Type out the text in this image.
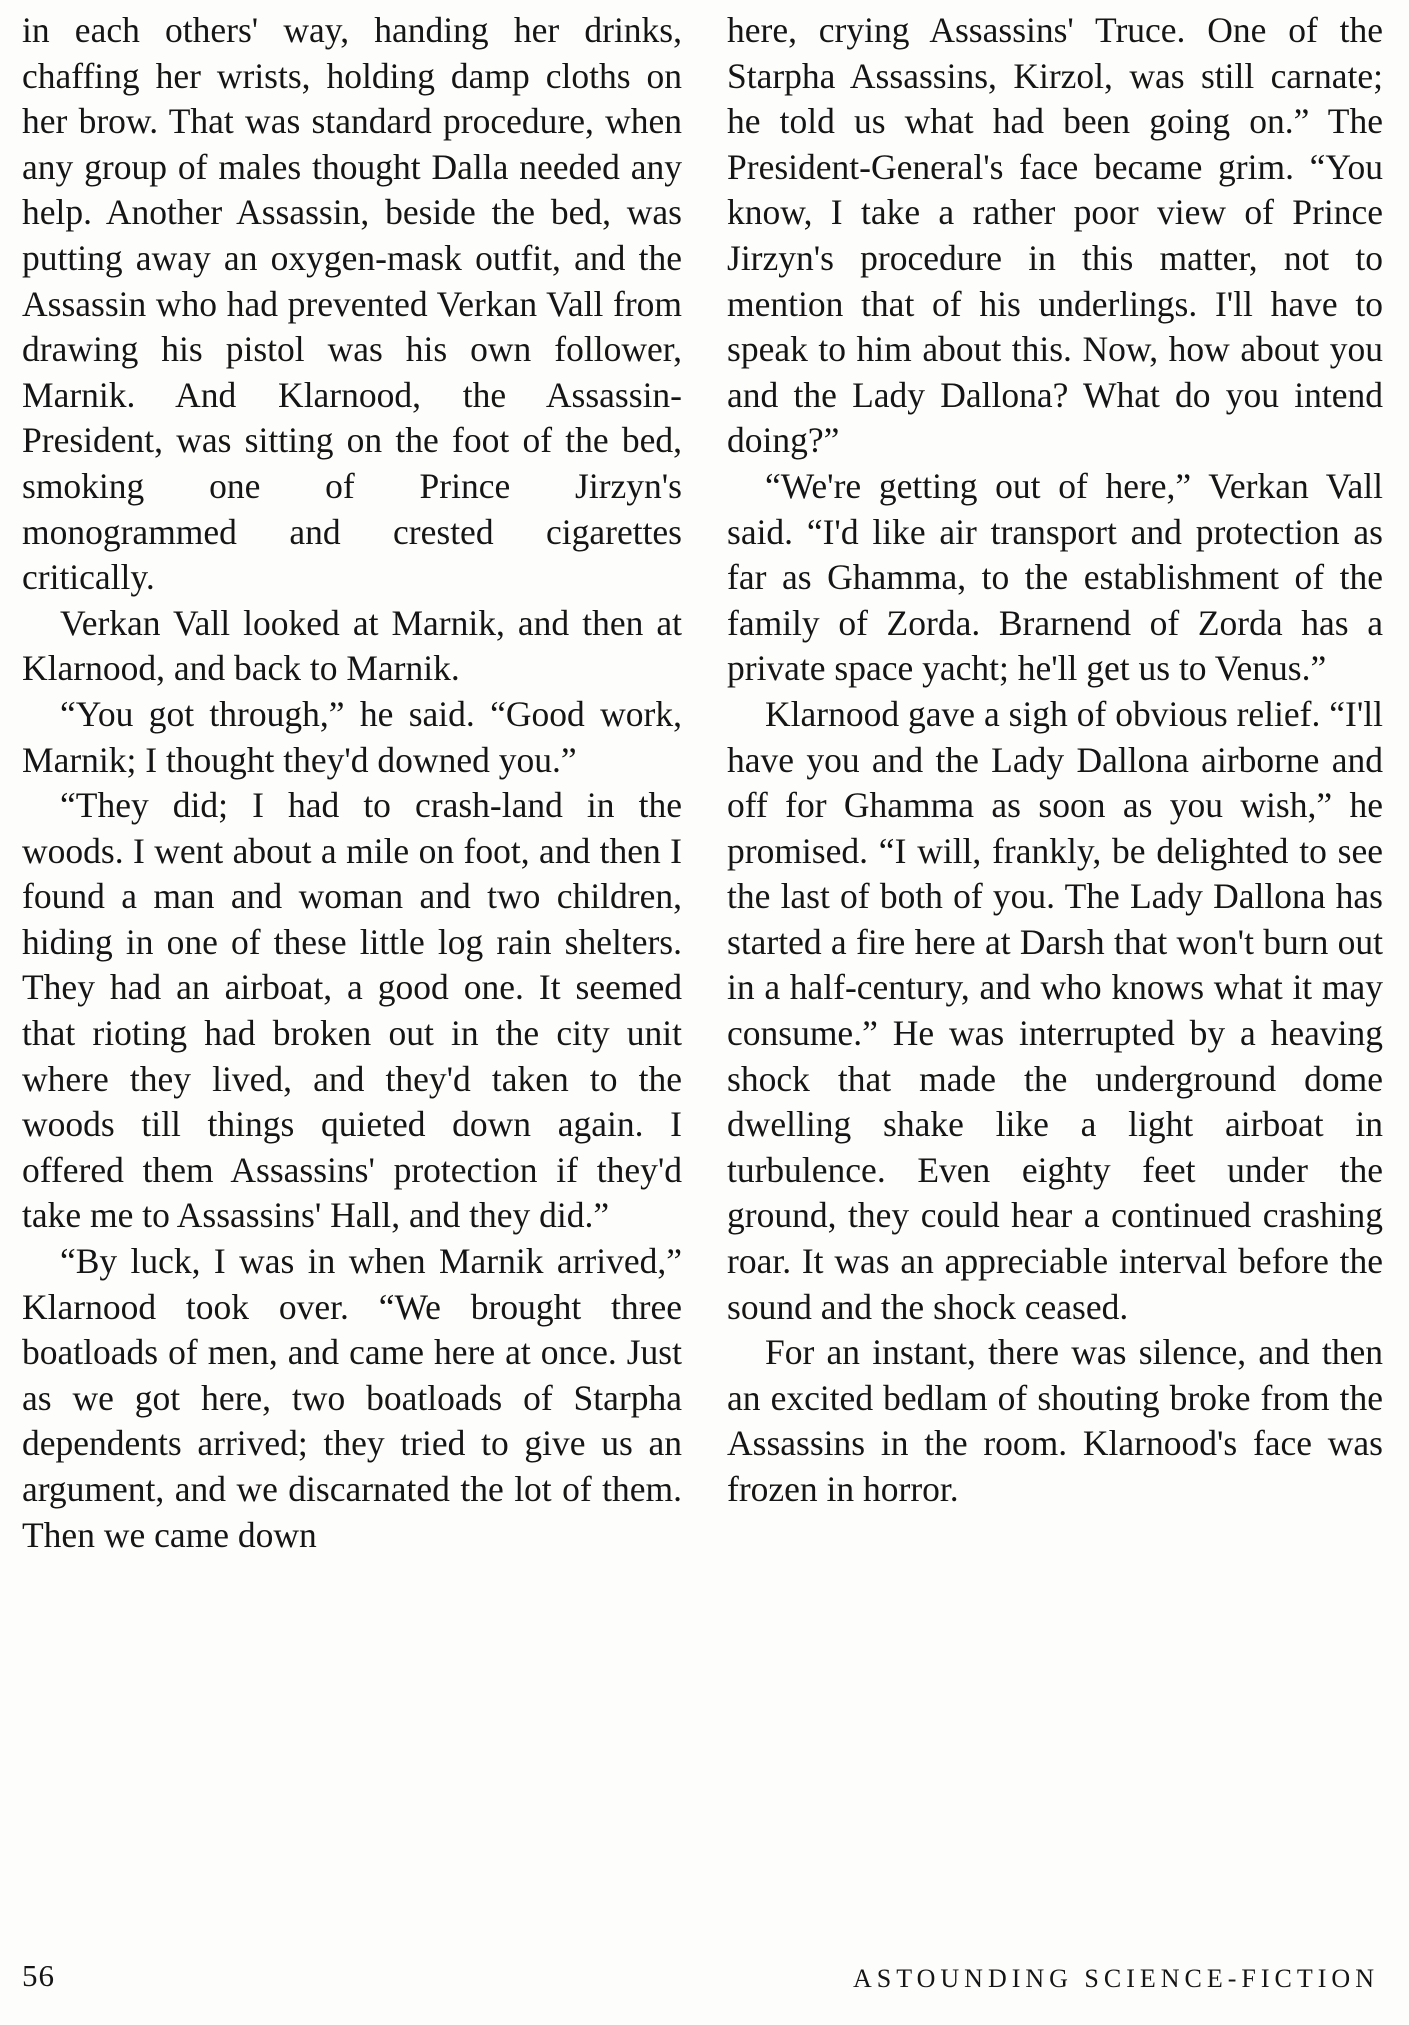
in each others' way, handing her drinks, chaffing her wrists, holding damp cloths on her brow. That was standard procedure, when any group of males thought Dalla needed any help. Another Assassin, beside the bed, was putting away an oxygen-mask outfit, and the Assassin who had prevented Verkan Vall from drawing his pistol was his own follower, Marnik. And Klarnood, the Assassin-President, was sitting on the foot of the bed, smoking one of Prince Jirzyn's monogrammed and crested cigarettes critically.

Verkan Vall looked at Marnik, and then at Klarnood, and back to Marnik.

“You got through,” he said. “Good work, Marnik; I thought they'd downed you.”

“They did; I had to crash-land in the woods. I went about a mile on foot, and then I found a man and woman and two children, hiding in one of these little log rain shelters. They had an airboat, a good one. It seemed that rioting had broken out in the city unit where they lived, and they'd taken to the woods till things quieted down again. I offered them Assassins' protection if they'd take me to Assassins' Hall, and they did.”

“By luck, I was in when Marnik arrived,” Klarnood took over. “We brought three boatloads of men, and came here at once. Just as we got here, two boatloads of Starpha dependents arrived; they tried to give us an argument, and we discarnated the lot of them. Then we came down

here, crying Assassins' Truce. One of the Starpha Assassins, Kirzol, was still carnate; he told us what had been going on.” The President-General's face became grim. “You know, I take a rather poor view of Prince Jirzyn's procedure in this matter, not to mention that of his underlings. I'll have to speak to him about this. Now, how about you and the Lady Dallona? What do you intend doing?”

“We're getting out of here,” Verkan Vall said. “I'd like air transport and protection as far as Ghamma, to the establishment of the family of Zorda. Brarnend of Zorda has a private space yacht; he'll get us to Venus.”

Klarnood gave a sigh of obvious relief. “I'll have you and the Lady Dallona airborne and off for Ghamma as soon as you wish,” he promised. “I will, frankly, be delighted to see the last of both of you. The Lady Dallona has started a fire here at Darsh that won't burn out in a half-century, and who knows what it may consume.” He was interrupted by a heaving shock that made the underground dome dwelling shake like a light airboat in turbulence. Even eighty feet under the ground, they could hear a continued crashing roar. It was an appreciable interval before the sound and the shock ceased.

For an instant, there was silence, and then an excited bedlam of shouting broke from the Assassins in the room. Klarnood's face was frozen in horror.

56	ASTOUNDING SCIENCE-FICTION
